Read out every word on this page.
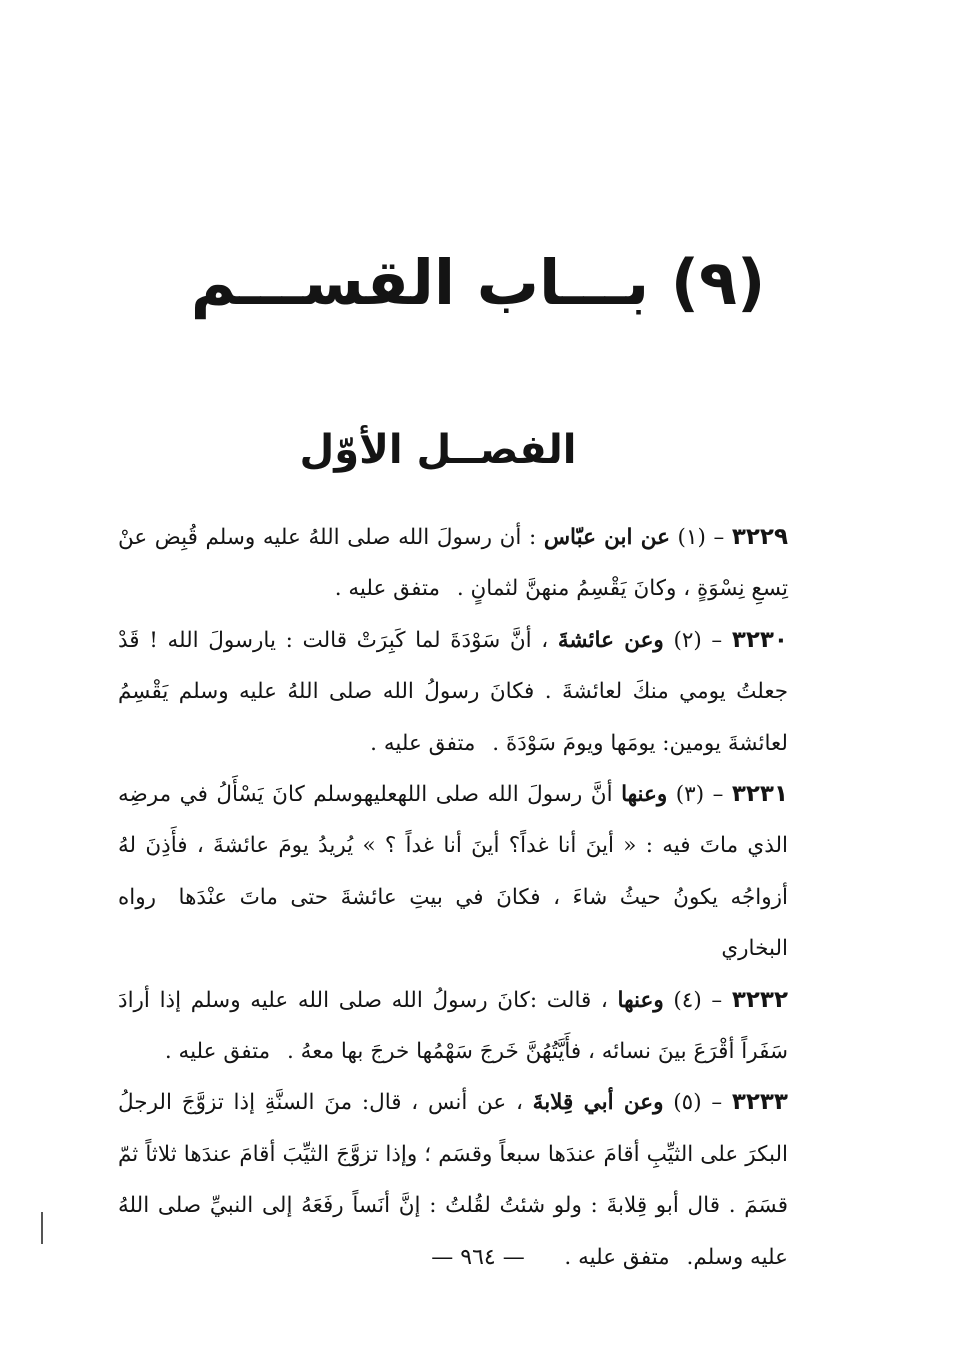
(٩) بـــاب القســـم
الفصــل الأوّل

٣٢٢٩ – (١) عن ابن عبّاس : أن رسولَ الله صلى اللهُ عليه وسلم قُبِض عنْ تِسعِ نِسْوَةٍ ، وكانَ يَقْسِمُ منهنَّ لثمانٍ . متفق عليه .

٣٢٣٠ – (٢) وعن عائشةَ ، أنَّ سَوْدَةَ لما كَبِرَتْ قالت : يارسولَ الله ! قَدْ جعلتُ يومي منكَ لعائشةَ . فكانَ رسولُ الله صلى اللهُ عليه وسلم يَقْسِمُ لعائشةَ يومين: يومَها ويومَ سَوْدَةَ . متفق عليه .

٣٢٣١ – (٣) وعنها أنَّ رسولَ الله صلى اللهعليهوسلم كانَ يَسْأَلُ في مرضِه الذي ماتَ فيه : « أينَ أنا غداً؟ أينَ أنا غداً ؟ » يُريدُ يومَ عائشةَ ، فأَذِنَ لهُ أزواجُه يكونُ حيثُ شاءَ ، فكانَ في بيتِ عائشةَ حتى ماتَ عنْدَها رواه البخاري

٣٢٣٢ – (٤) وعنها ، قالت :كانَ رسولُ الله صلى الله عليه وسلم إذا أرادَ سَفَراً أقْرَعَ بينَ نسائه ، فأَيَّتُهُنَّ خَرجَ سَهْمُها خرجَ بها معهُ . متفق عليه .

٣٢٣٣ – (٥) وعن أبي قِلابةَ ، عن أنس ، قال: منَ السنَّةِ إذا تزوَّجَ الرجلُ البكرَ على الثيِّبِ أقامَ عندَها سبعاً وقسَم ؛ وإذا تزوَّجَ الثيِّبَ أقامَ عندَها ثلاثاً ثمّ قسَمَ . قال أبو قِلابةَ : ولو شئتُ لقُلتُ : إنَّ أنَساً رفَعَهُ إلى النبيِّ صلى اللهُ عليه وسلم. متفق عليه .

— ٩٦٤ —
